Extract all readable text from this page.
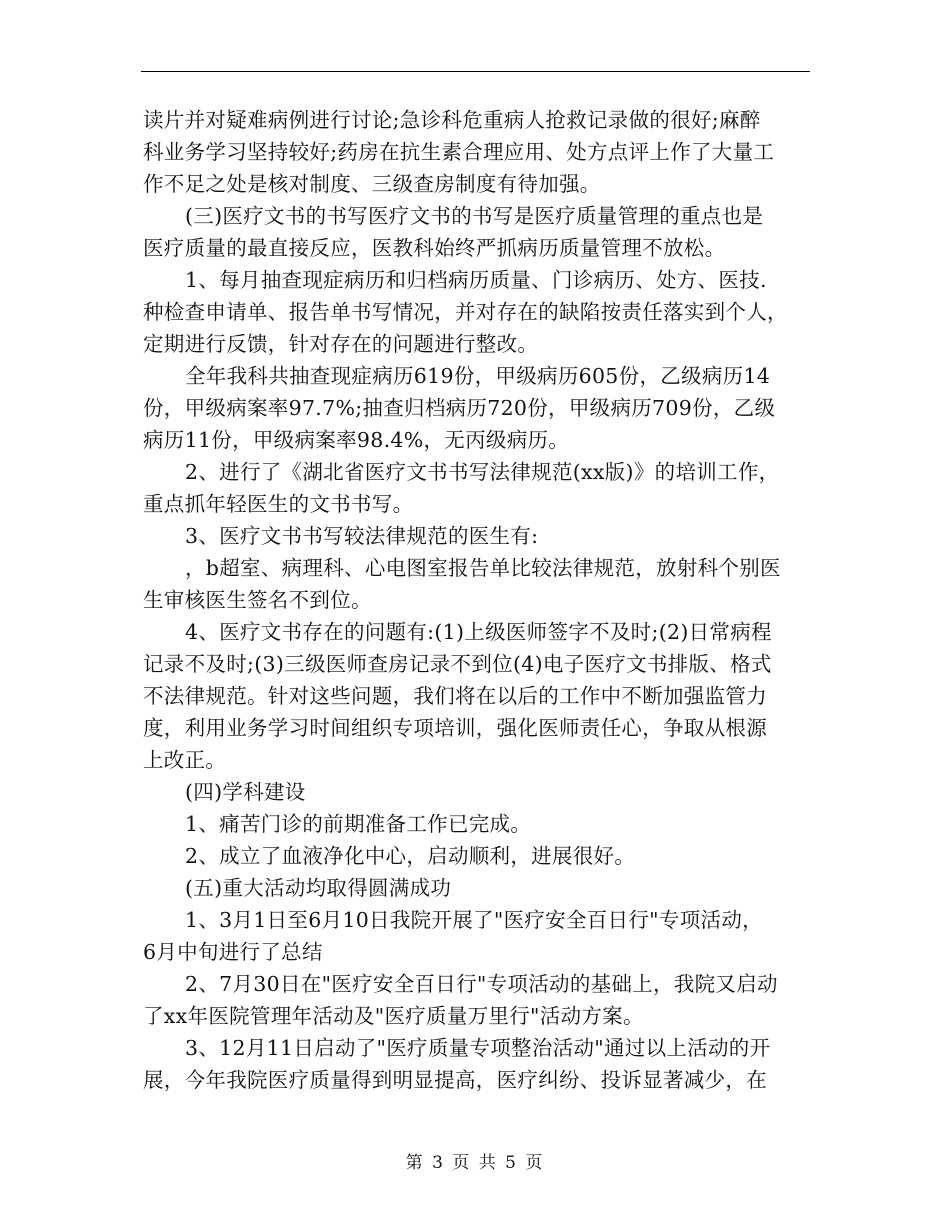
读片并对疑难病例进行讨论;急诊科危重病人抢救记录做的很好;麻醉
科业务学习坚持较好;药房在抗生素合理应用、处方点评上作了大量工
作不足之处是核对制度、三级查房制度有待加强。
(三)医疗文书的书写医疗文书的书写是医疗质量管理的重点也是
医疗质量的最直接反应，医教科始终严抓病历质量管理不放松。
1、每月抽查现症病历和归档病历质量、门诊病历、处方、医技.
种检查申请单、报告单书写情况，并对存在的缺陷按责任落实到个人，
定期进行反馈，针对存在的问题进行整改。
全年我科共抽查现症病历619份，甲级病历605份，乙级病历14
份，甲级病案率97.7%;抽查归档病历720份，甲级病历709份，乙级
病历11份，甲级病案率98.4%，无丙级病历。
2、进行了《湖北省医疗文书书写法律规范(xx版)》的培训工作，
重点抓年轻医生的文书书写。
3、医疗文书书写较法律规范的医生有:
，b超室、病理科、心电图室报告单比较法律规范，放射科个别医
生审核医生签名不到位。
4、医疗文书存在的问题有:(1)上级医师签字不及时;(2)日常病程
记录不及时;(3)三级医师查房记录不到位(4)电子医疗文书排版、格式
不法律规范。针对这些问题，我们将在以后的工作中不断加强监管力
度，利用业务学习时间组织专项培训，强化医师责任心，争取从根源
上改正。
(四)学科建设
1、痛苦门诊的前期准备工作已完成。
2、成立了血液净化中心，启动顺利，进展很好。
(五)重大活动均取得圆满成功
1、3月1日至6月10日我院开展了"医疗安全百日行"专项活动，
6月中旬进行了总结
2、7月30日在"医疗安全百日行"专项活动的基础上，我院又启动
了xx年医院管理年活动及"医疗质量万里行"活动方案。
3、12月11日启动了"医疗质量专项整治活动"通过以上活动的开
展，今年我院医疗质量得到明显提高，医疗纠纷、投诉显著减少，在
第 3 页 共 5 页
